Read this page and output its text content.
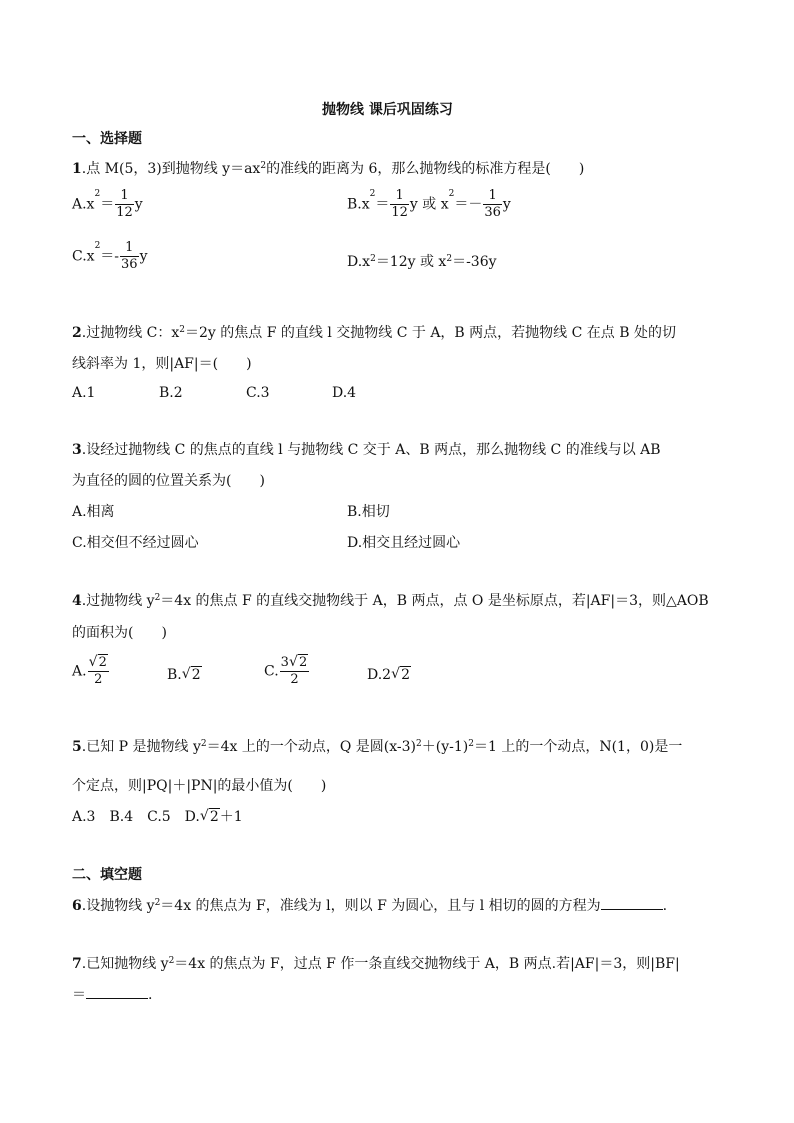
抛物线 课后巩固练习
一、选择题
1.点 M(5，3)到抛物线 $y=ax^2$的准线的距离为 6，那么抛物线的标准方程是(　　)
$A.x^2= \frac{1}{12}$ y	$B.x^2= \frac{1}{12}$ y 或 $x^2=- \frac{1}{36}$ y
$C.x^2=- \frac{1}{36}$ y	$D.x^2=12y$ 或 $x^2=-36y$
2.过抛物线 C：$x^2=2y$ 的焦点 F 的直线 l 交抛物线 C 于 A，B 两点，若抛物线 C 在点 B 处的切
线斜率为 1，则|AF|＝(　　)
A.1	B.2	C.3	D.4
3.设经过抛物线 C 的焦点的直线 l 与抛物线 C 交于 A、B 两点，那么抛物线 C 的准线与以 AB
为直径的圆的位置关系为(　　)
A.相离	B.相切
C.相交但不经过圆心	D.相交且经过圆心
4.过抛物线 $y^2=4x$ 的焦点 F 的直线交抛物线于 A，B 两点，点 O 是坐标原点，若|AF|＝3，则△AOB
的面积为(　　)
A. $\frac{√ 2}{2}$	B. √ 2	C. $\frac{3 √ 2}{2}$	D.2 √ 2
5.已知 P 是抛物线 $y^2=4x$ 上的一个动点，Q 是圆$(x-3)^2+(y-1)^2=1$ 上的一个动点，N(1，0)是一
个定点，则|PQ|＋|PN|的最小值为(　　)
A.3　B.4　C.5　D. √ 2＋1
二、填空题
6.设抛物线 $y^2=4x$ 的焦点为 F，准线为 l，则以 F 为圆心，且与 l 相切的圆的方程为	.
7.已知抛物线 $y^2=4x$ 的焦点为 F，过点 F 作一条直线交抛物线于 A，B 两点.若|AF|＝3，则|BF|
＝	.
